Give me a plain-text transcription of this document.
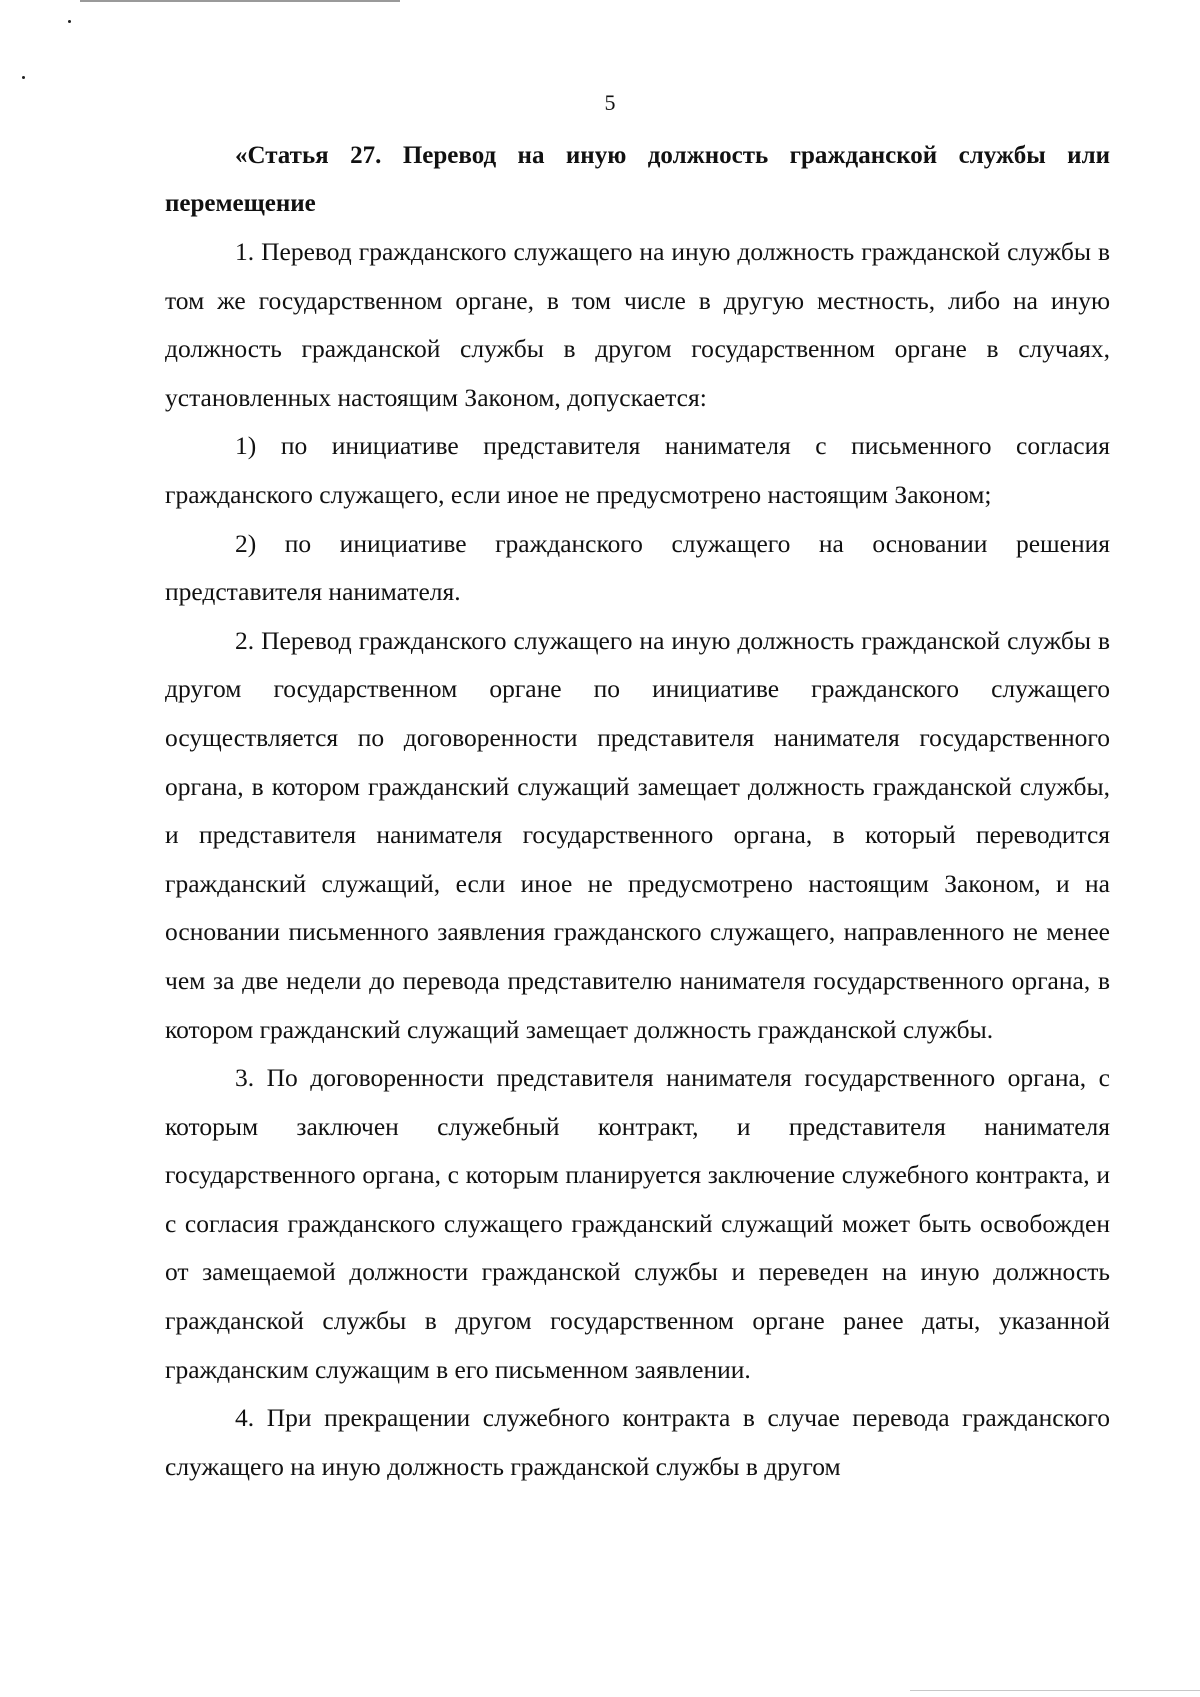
5

«Статья 27. Перевод на иную должность гражданской службы или перемещение

1. Перевод гражданского служащего на иную должность гражданской службы в том же государственном органе, в том числе в другую местность, либо на иную должность гражданской службы в другом государственном органе в случаях, установленных настоящим Законом, допускается:

1) по инициативе представителя нанимателя с письменного согласия гражданского служащего, если иное не предусмотрено настоящим Законом;

2) по инициативе гражданского служащего на основании решения представителя нанимателя.

2. Перевод гражданского служащего на иную должность гражданской службы в другом государственном органе по инициативе гражданского служащего осуществляется по договоренности представителя нанимателя государственного органа, в котором гражданский служащий замещает должность гражданской службы, и представителя нанимателя государственного органа, в который переводится гражданский служащий, если иное не предусмотрено настоящим Законом, и на основании письменного заявления гражданского служащего, направленного не менее чем за две недели до перевода представителю нанимателя государственного органа, в котором гражданский служащий замещает должность гражданской службы.

3. По договоренности представителя нанимателя государственного органа, с которым заключен служебный контракт, и представителя нанимателя государственного органа, с которым планируется заключение служебного контракта, и с согласия гражданского служащего гражданский служащий может быть освобожден от замещаемой должности гражданской службы и переведен на иную должность гражданской службы в другом государственном органе ранее даты, указанной гражданским служащим в его письменном заявлении.

4. При прекращении служебного контракта в случае перевода гражданского служащего на иную должность гражданской службы в другом
